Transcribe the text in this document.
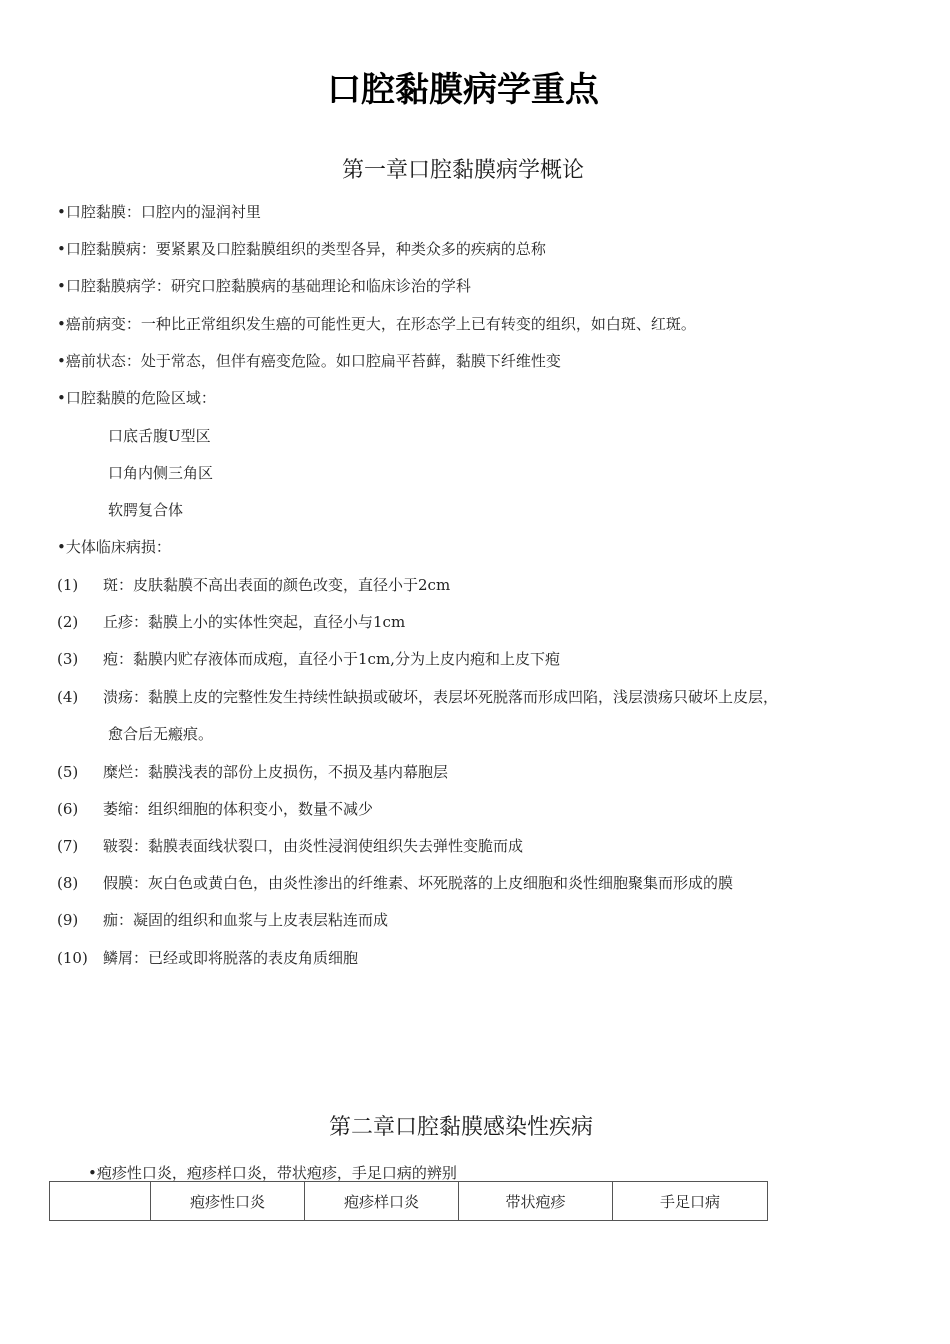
口腔黏膜病学重点
第一章口腔黏膜病学概论
•口腔黏膜：口腔内的湿润衬里
•口腔黏膜病：要紧累及口腔黏膜组织的类型各异，种类众多的疾病的总称
•口腔黏膜病学：研究口腔黏膜病的基础理论和临床诊治的学科
•癌前病变：一种比正常组织发生癌的可能性更大，在形态学上已有转变的组织，如白斑、红斑。
•癌前状态：处于常态，但伴有癌变危险。如口腔扁平苔藓，黏膜下纤维性变
•口腔黏膜的危险区域：
口底舌腹U型区
口角内侧三角区
软腭复合体
•大体临床病损：
(1) 斑：皮肤黏膜不高出表面的颜色改变，直径小于2cm
(2) 丘疹：黏膜上小的实体性突起，直径小与1cm
(3) 疱：黏膜内贮存液体而成疱，直径小于1cm,分为上皮内疱和上皮下疱
(4) 溃疡：黏膜上皮的完整性发生持续性缺损或破坏，表层坏死脱落而形成凹陷，浅层溃疡只破坏上皮层，
愈合后无瘢痕。
(5) 糜烂：黏膜浅表的部份上皮损伤，不损及基内幕胞层
(6) 萎缩：组织细胞的体积变小，数量不减少
(7) 皲裂：黏膜表面线状裂口，由炎性浸润使组织失去弹性变脆而成
(8) 假膜：灰白色或黄白色，由炎性渗出的纤维素、坏死脱落的上皮细胞和炎性细胞聚集而形成的膜
(9) 痂：凝固的组织和血浆与上皮表层粘连而成
(10) 鳞屑：已经或即将脱落的表皮角质细胞
第二章口腔黏膜感染性疾病
•疱疹性口炎，疱疹样口炎，带状疱疹，手足口病的辨别
	疱疹性口炎	疱疹样口炎	带状疱疹	手足口病
